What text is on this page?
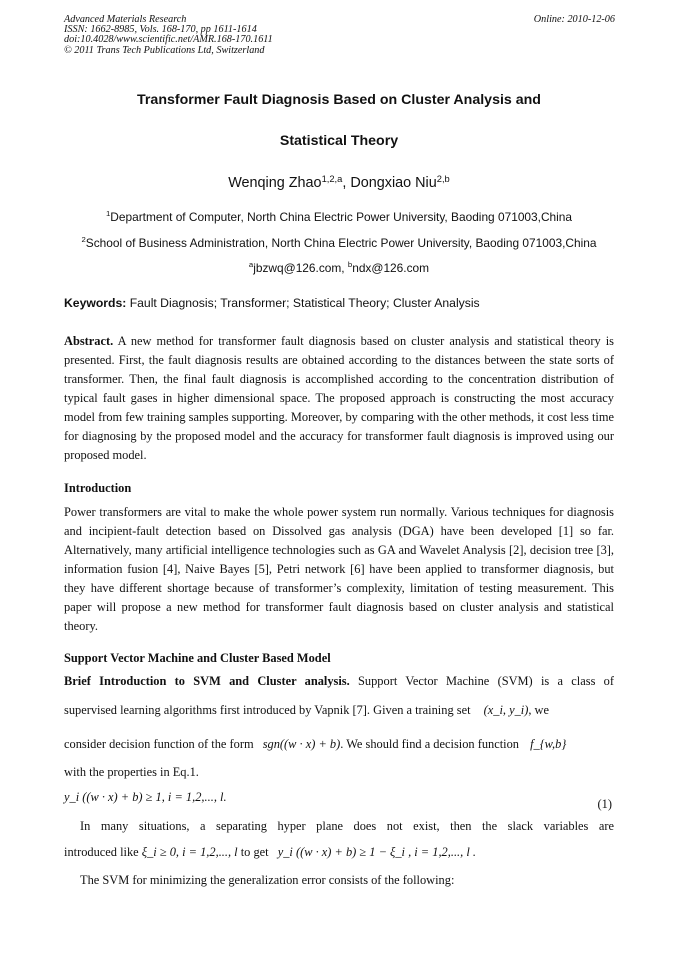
Advanced Materials Research
ISSN: 1662-8985, Vols. 168-170, pp 1611-1614
doi:10.4028/www.scientific.net/AMR.168-170.1611
© 2011 Trans Tech Publications Ltd, Switzerland
Online: 2010-12-06
Transformer Fault Diagnosis Based on Cluster Analysis and
Statistical Theory
Wenqing Zhao$^{1,2,a}$, Dongxiao Niu$^{2,b}$
$^1$Department of Computer, North China Electric Power University, Baoding 071003,China
$^2$School of Business Administration, North China Electric Power University, Baoding 071003,China
$^a$jbzwq@126.com, $^b$ndx@126.com
Keywords: Fault Diagnosis; Transformer; Statistical Theory; Cluster Analysis
Abstract. A new method for transformer fault diagnosis based on cluster analysis and statistical theory is presented. First, the fault diagnosis results are obtained according to the distances between the state sorts of transformer. Then, the final fault diagnosis is accomplished according to the concentration distribution of typical fault gases in higher dimensional space. The proposed approach is constructing the most accuracy model from few training samples supporting. Moreover, by comparing with the other methods, it cost less time for diagnosing by the proposed model and the accuracy for transformer fault diagnosis is improved using our proposed model.
Introduction
Power transformers are vital to make the whole power system run normally. Various techniques for diagnosis and incipient-fault detection based on Dissolved gas analysis (DGA) have been developed [1] so far. Alternatively, many artificial intelligence technologies such as GA and Wavelet Analysis [2], decision tree [3], information fusion [4], Naive Bayes [5], Petri network [6] have been applied to transformer diagnosis, but they have different shortage because of transformer’s complexity, limitation of testing measurement. This paper will propose a new method for transformer fault diagnosis based on cluster analysis and statistical theory.
Support Vector Machine and Cluster Based Model
Brief Introduction to SVM and Cluster analysis. Support Vector Machine (SVM) is a class of
supervised learning algorithms first introduced by Vapnik [7]. Given a training set (x_i, y_i), we
consider decision function of the form sgn((w · x) + b). We should find a decision function f_{w,b}
with the properties in Eq.1.
y_i ((w · x) + b) ≥ 1, i = 1,2,..., l.	(1)
In many situations, a separating hyper plane does not exist, then the slack variables are
introduced like ξ_i ≥ 0, i = 1,2,..., l to get y_i ((w · x) + b) ≥ 1 − ξ_i , i = 1,2,..., l .
The SVM for minimizing the generalization error consists of the following:
